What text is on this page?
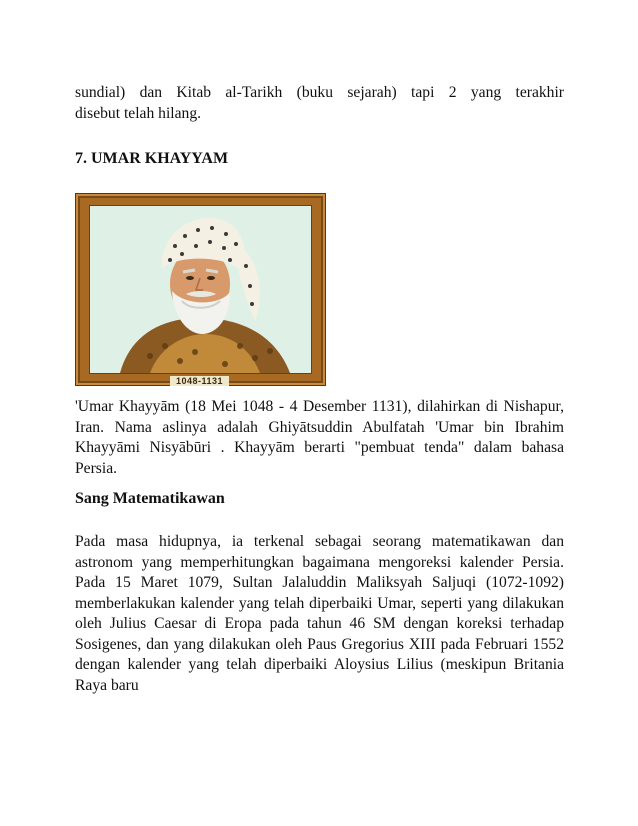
sundial) dan Kitab al-Tarikh (buku sejarah) tapi 2 yang terakhir
disebut telah hilang.
7. UMAR KHAYYAM
1048-1131
'Umar Khayyām (18 Mei 1048 - 4 Desember 1131), dilahirkan di Nishapur, Iran. Nama aslinya adalah Ghiyātsuddin Abulfatah 'Umar bin Ibrahim Khayyāmi Nisyābūri . Khayyām berarti "pembuat tenda" dalam bahasa Persia.
Sang Matematikawan
Pada masa hidupnya, ia terkenal sebagai seorang matematikawan dan astronom yang memperhitungkan bagaimana mengoreksi kalender Persia. Pada 15 Maret 1079, Sultan Jalaluddin Maliksyah Saljuqi (1072-1092) memberlakukan kalender yang telah diperbaiki Umar, seperti yang dilakukan oleh Julius Caesar di Eropa pada tahun 46 SM dengan koreksi terhadap Sosigenes, dan yang dilakukan oleh Paus Gregorius XIII pada Februari 1552 dengan kalender yang telah diperbaiki Aloysius Lilius (meskipun Britania Raya baru
